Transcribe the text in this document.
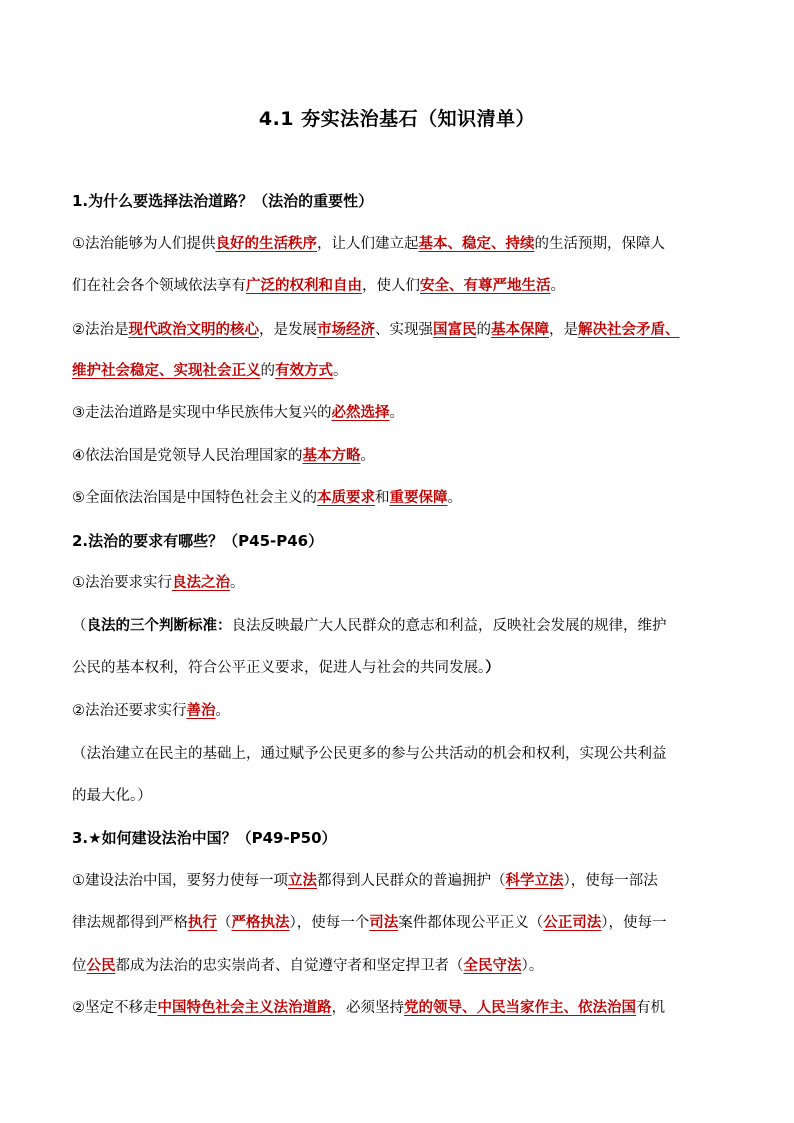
4.1 夯实法治基石（知识清单）
1.为什么要选择法治道路？（法治的重要性）
①法治能够为人们提供良好的生活秩序，让人们建立起基本、稳定、持续的生活预期，保障人
们在社会各个领域依法享有广泛的权利和自由，使人们安全、有尊严地生活。
②法治是现代政治文明的核心，是发展市场经济、实现强国富民的基本保障，是解决社会矛盾、
维护社会稳定、实现社会正义的有效方式。
③走法治道路是实现中华民族伟大复兴的必然选择。
④依法治国是党领导人民治理国家的基本方略。
⑤全面依法治国是中国特色社会主义的本质要求和重要保障。
2.法治的要求有哪些？（P45-P46）
①法治要求实行良法之治。
（良法的三个判断标准：良法反映最广大人民群众的意志和利益，反映社会发展的规律，维护
公民的基本权利，符合公平正义要求，促进人与社会的共同发展。）
②法治还要求实行善治。
（法治建立在民主的基础上，通过赋予公民更多的参与公共活动的机会和权利，实现公共利益
的最大化。）
3.★如何建设法治中国？（P49-P50）
①建设法治中国，要努力使每一项立法都得到人民群众的普遍拥护（科学立法），使每一部法
律法规都得到严格执行（严格执法），使每一个司法案件都体现公平正义（公正司法），使每一
位公民都成为法治的忠实崇尚者、自觉遵守者和坚定捍卫者（全民守法）。
②坚定不移走中国特色社会主义法治道路，必须坚持党的领导、人民当家作主、依法治国有机
